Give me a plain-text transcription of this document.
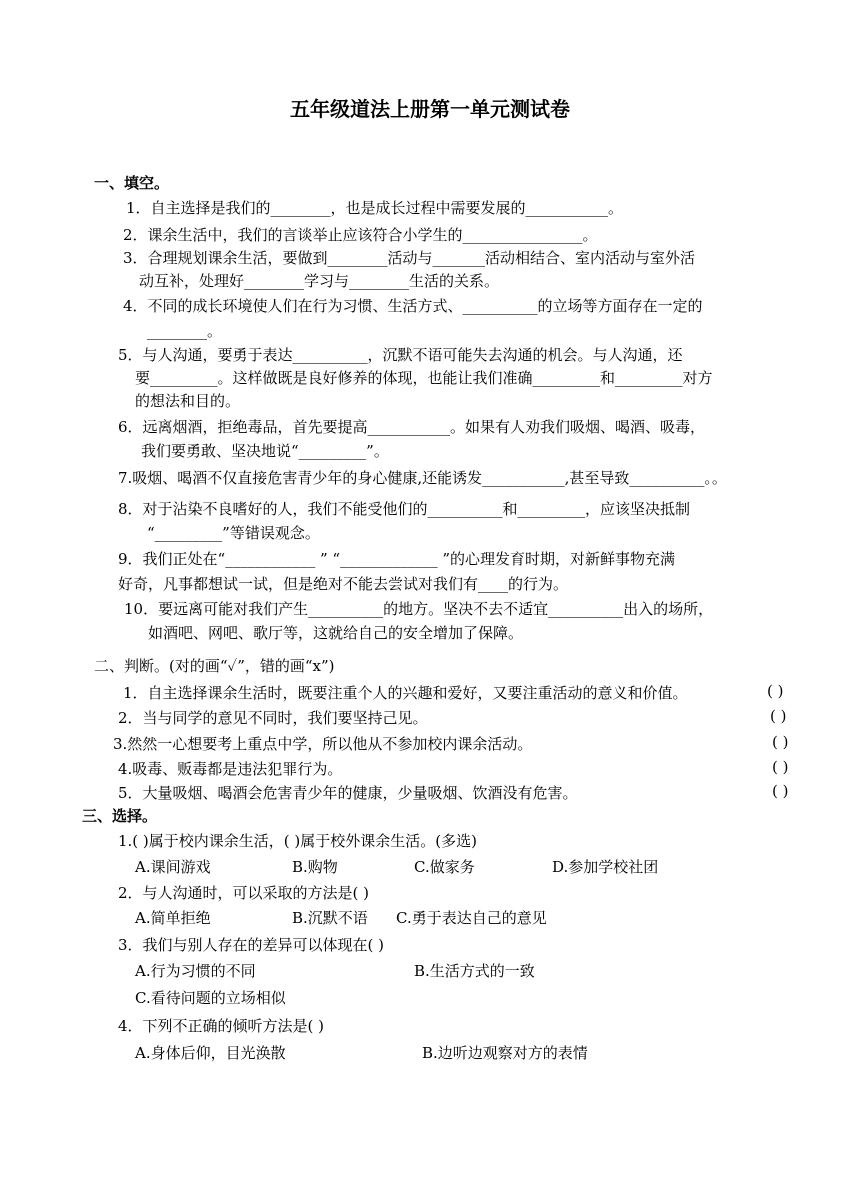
五年级道法上册第一单元测试卷
一、填空。
1．自主选择是我们的________，也是成长过程中需要发展的___________。
2．课余生活中，我们的言谈举止应该符合小学生的________________。
3．合理规划课余生活，要做到________活动与_______活动相结合、室内活动与室外活
动互补，处理好________学习与________生活的关系。
4．不同的成长环境使人们在行为习惯、生活方式、__________的立场等方面存在一定的
________。
5．与人沟通，要勇于表达__________，沉默不语可能失去沟通的机会。与人沟通，还
要_________。这样做既是良好修养的体现，也能让我们准确_________和_________对方
的想法和目的。
6．远离烟酒，拒绝毒品，首先要提高___________。如果有人劝我们吸烟、喝酒、吸毒，
我们要勇敢、坚决地说“_________”。
7.吸烟、喝酒不仅直接危害青少年的身心健康,还能诱发___________,甚至导致__________。。
8．对于沾染不良嗜好的人，我们不能受他们的__________和_________，应该坚决抵制
“_________”等错误观念。
9．我们正处在“____________ ” “_____________ ”的心理发育时期，对新鲜事物充满
好奇，凡事都想试一试，但是绝对不能去尝试对我们有____的行为。
10．要远离可能对我们产生__________的地方。坚决不去不适宜__________出入的场所，
如酒吧、网吧、歌厅等，这就给自己的安全增加了保障。
二、判断。(对的画“✓”，错的画“x”)
1．自主选择课余生活时，既要注重个人的兴趣和爱好，又要注重活动的意义和价值。	( )
2．当与同学的意见不同时，我们要坚持己见。	( )
3.然然一心想要考上重点中学，所以他从不参加校内课余活动。	( )
4.吸毒、贩毒都是违法犯罪行为。	( )
5．大量吸烟、喝酒会危害青少年的健康，少量吸烟、饮酒没有危害。	( )
三、选择。
1.( )属于校内课余生活，( )属于校外课余生活。(多选)
A.课间游戏	B.购物	C.做家务	D.参加学校社团
2．与人沟通时，可以采取的方法是( )
A.简单拒绝	B.沉默不语 C.勇于表达自己的意见
3．我们与别人存在的差异可以体现在( )
A.行为习惯的不同	B.生活方式的一致
C.看待问题的立场相似
4．下列不正确的倾听方法是( )
A.身体后仰，目光涣散	B.边听边观察对方的表情
